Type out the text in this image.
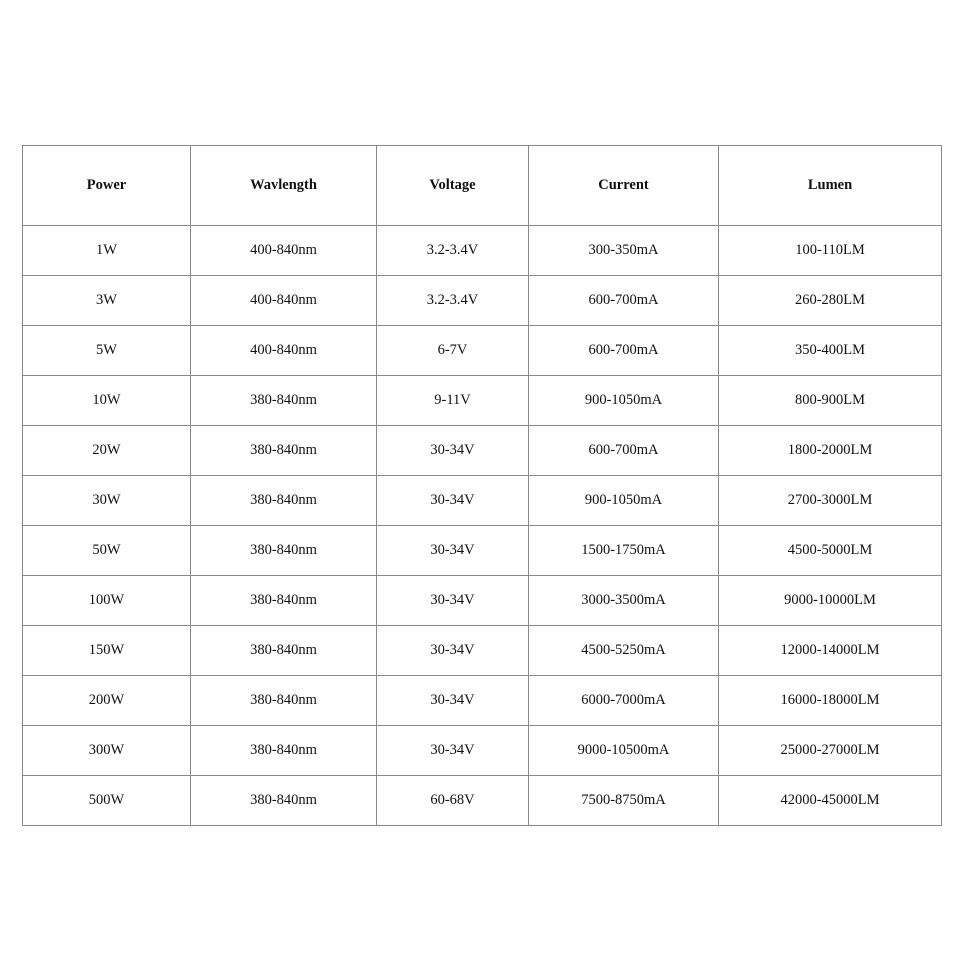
Power	Wavlength	Voltage	Current	Lumen
1W	400-840nm	3.2-3.4V	300-350mA	100-110LM
3W	400-840nm	3.2-3.4V	600-700mA	260-280LM
5W	400-840nm	6-7V	600-700mA	350-400LM
10W	380-840nm	9-11V	900-1050mA	800-900LM
20W	380-840nm	30-34V	600-700mA	1800-2000LM
30W	380-840nm	30-34V	900-1050mA	2700-3000LM
50W	380-840nm	30-34V	1500-1750mA	4500-5000LM
100W	380-840nm	30-34V	3000-3500mA	9000-10000LM
150W	380-840nm	30-34V	4500-5250mA	12000-14000LM
200W	380-840nm	30-34V	6000-7000mA	16000-18000LM
300W	380-840nm	30-34V	9000-10500mA	25000-27000LM
500W	380-840nm	60-68V	7500-8750mA	42000-45000LM
